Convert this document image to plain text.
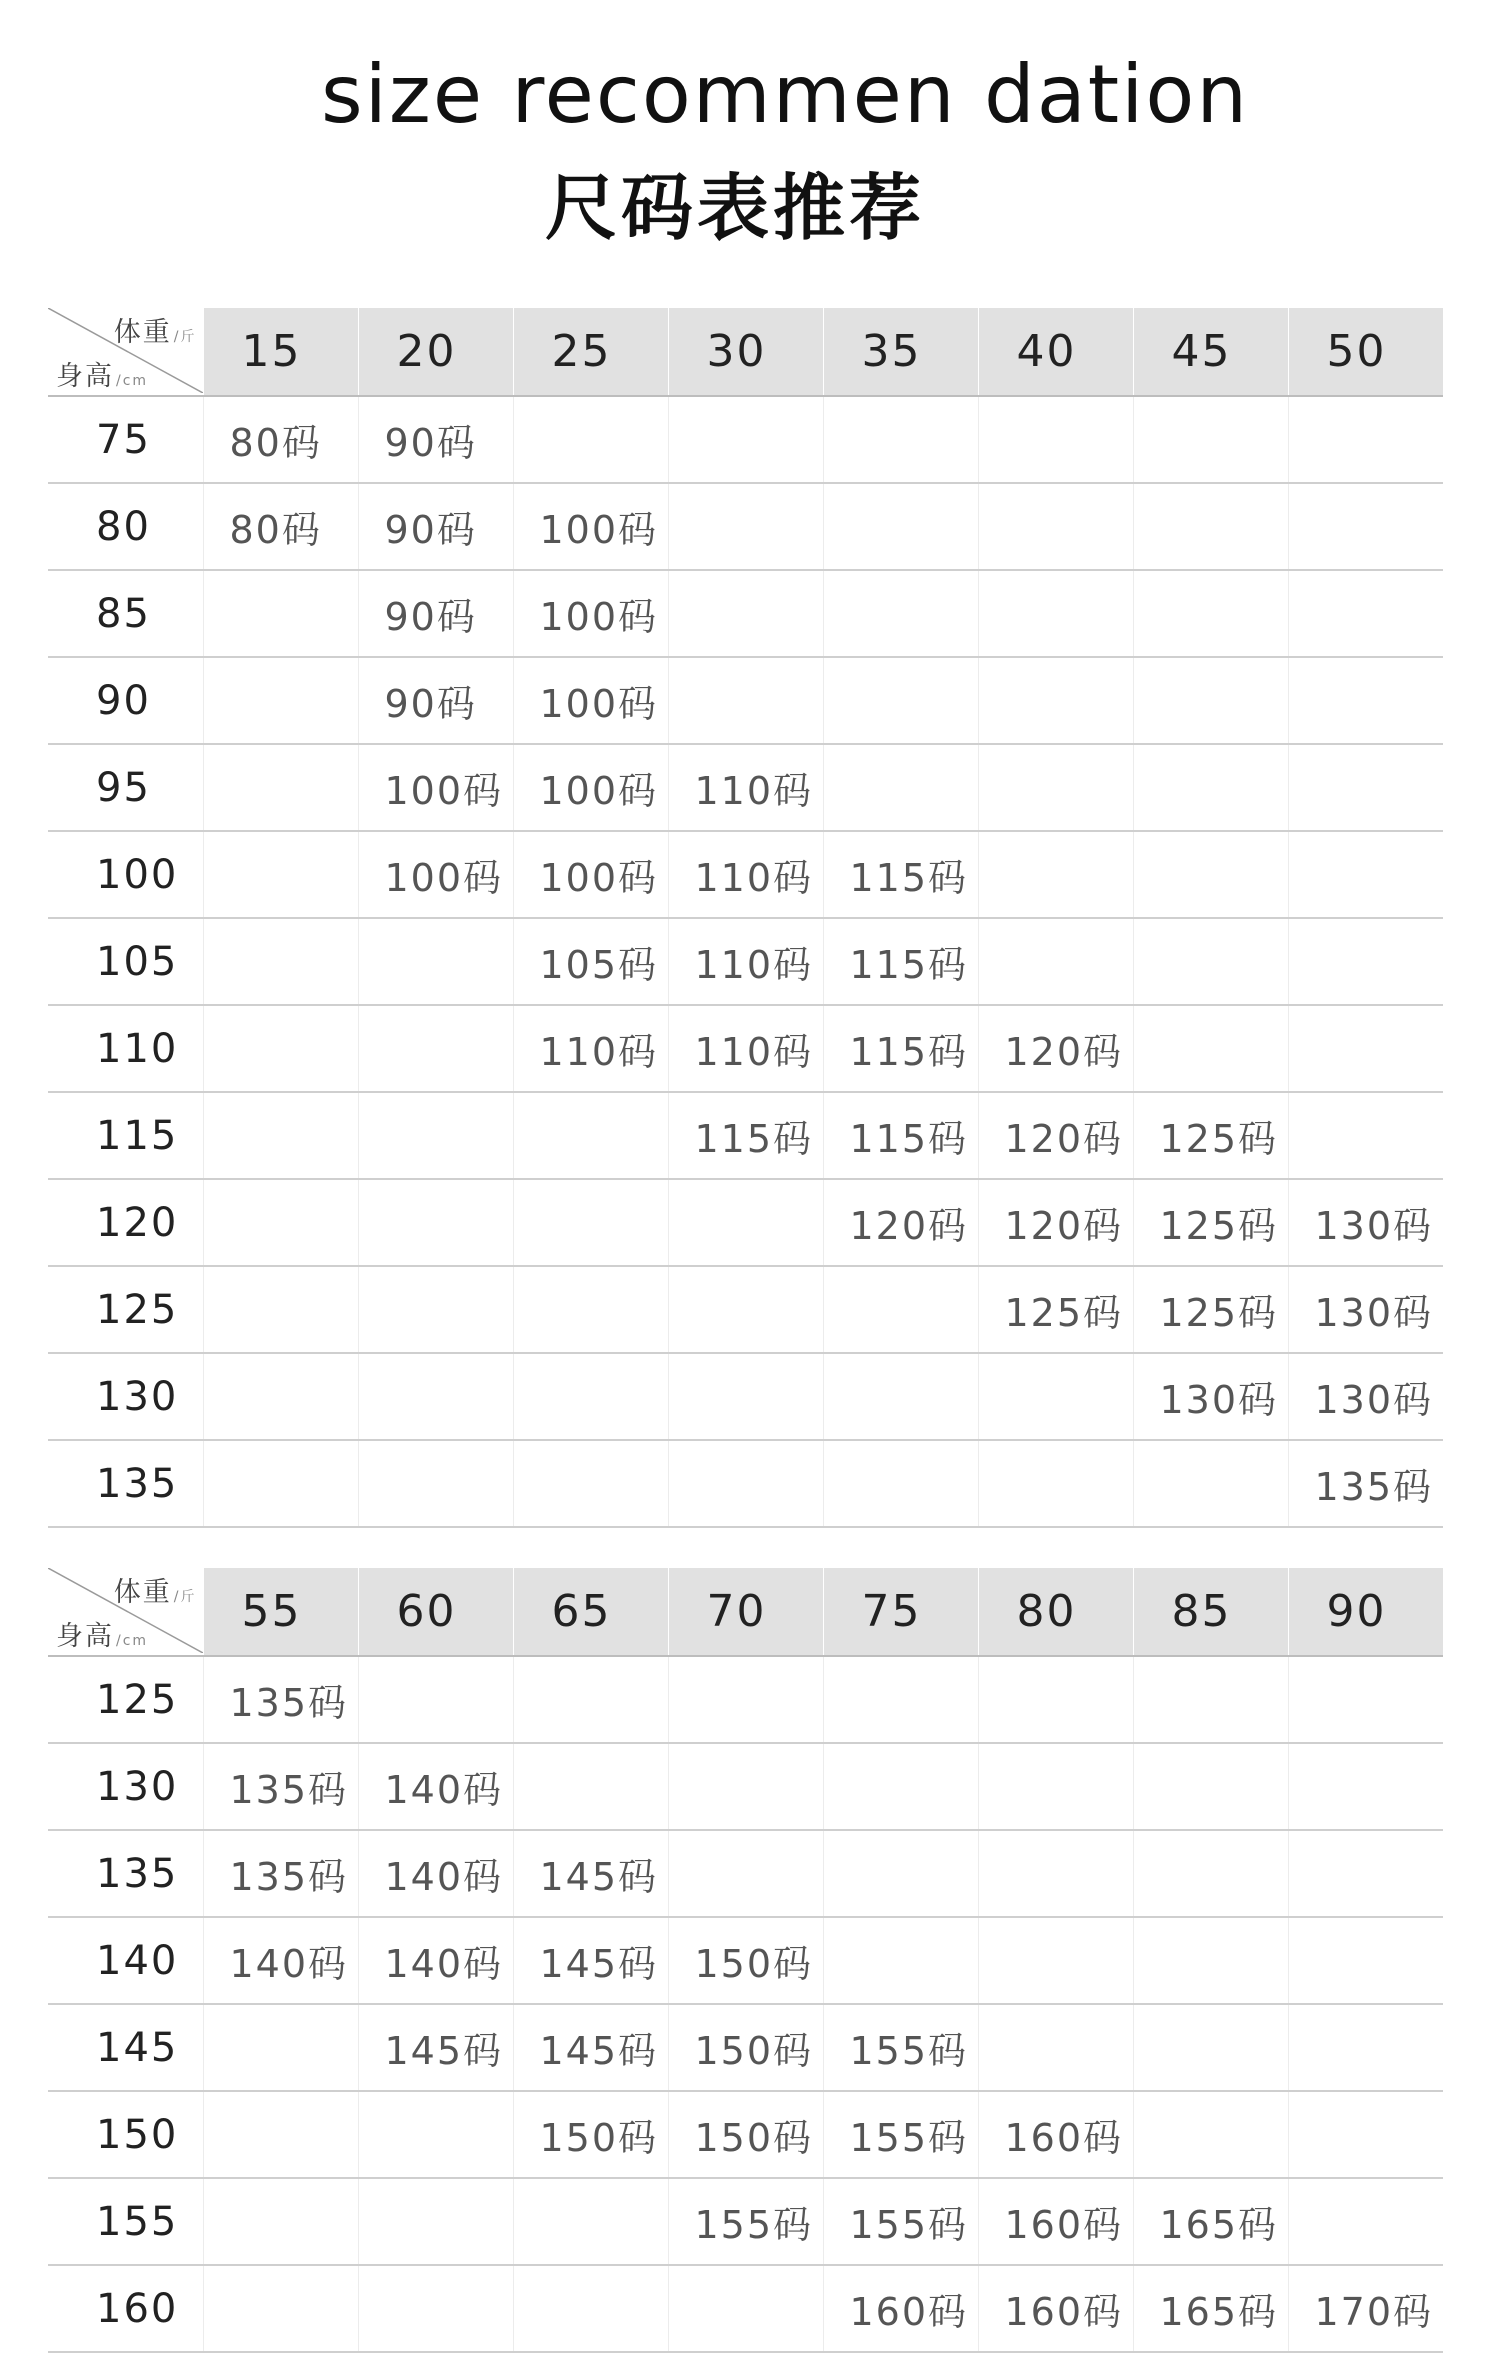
size recommen dation
尺码表推荐
体重 /斤
身高 /cm	15	20	25	30	35	40	45	50
75	80码	90码						
80	80码	90码	100码					
85		90码	100码					
90		90码	100码					
95		100码	100码	110码				
100		100码	100码	110码	115码			
105			105码	110码	115码			
110			110码	110码	115码	120码		
115				115码	115码	120码	125码	
120					120码	120码	125码	130码
125						125码	125码	130码
130							130码	130码
135								135码
体重 /斤
身高 /cm	55	60	65	70	75	80	85	90
125	135码							
130	135码	140码						
135	135码	140码	145码					
140	140码	140码	145码	150码				
145		145码	145码	150码	155码			
150			150码	150码	155码	160码		
155				155码	155码	160码	165码	
160					160码	160码	165码	170码
